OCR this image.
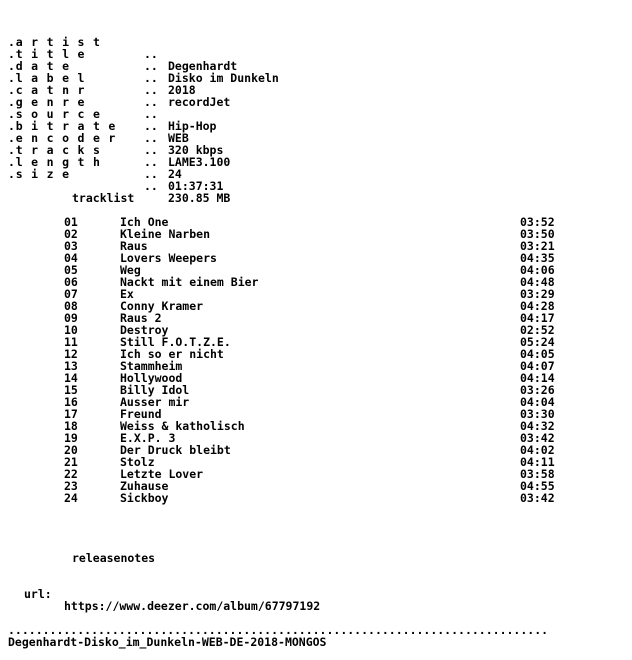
.a r t i s t

..

Degenhardt

.t i t l e

..

Disko im Dunkeln

.d a t e

..

2018

.l a b e l

..

recordJet

.c a t n r

..

.g e n r e

..

Hip-Hop

.s o u r c e

..

WEB

.b i t r a t e

..

320 kbps

.e n c o d e r

..

LAME3.100

.t r a c k s

..

24

.l e n g t h

..

01:37:31

.s i z e

..

230.85 MB

tracklist
01	Ich One	03:52
02	Kleine Narben	03:50
03	Raus	03:21
04	Lovers Weepers	04:35
05	Weg	04:06
06	Nackt mit einem Bier	04:48
07	Ex	03:29
08	Conny Kramer	04:28
09	Raus 2	04:17
10	Destroy	02:52
11	Still F.O.T.Z.E.	05:24
12	Ich so er nicht	04:05
13	Stammheim	04:07
14	Hollywood	04:14
15	Billy Idol	03:26
16	Ausser mir	04:04
17	Freund	03:30
18	Weiss & katholisch	04:32
19	E.X.P. 3	03:42
20	Der Druck bleibt	04:02
21	Stolz	04:11
22	Letzte Lover	03:58
23	Zuhause	04:55
24	Sickboy	03:42
releasenotes

url:

https://www.deezer.com/album/67797192

..............................................................................
Degenhardt-Disko_im_Dunkeln-WEB-DE-2018-MONGOS
